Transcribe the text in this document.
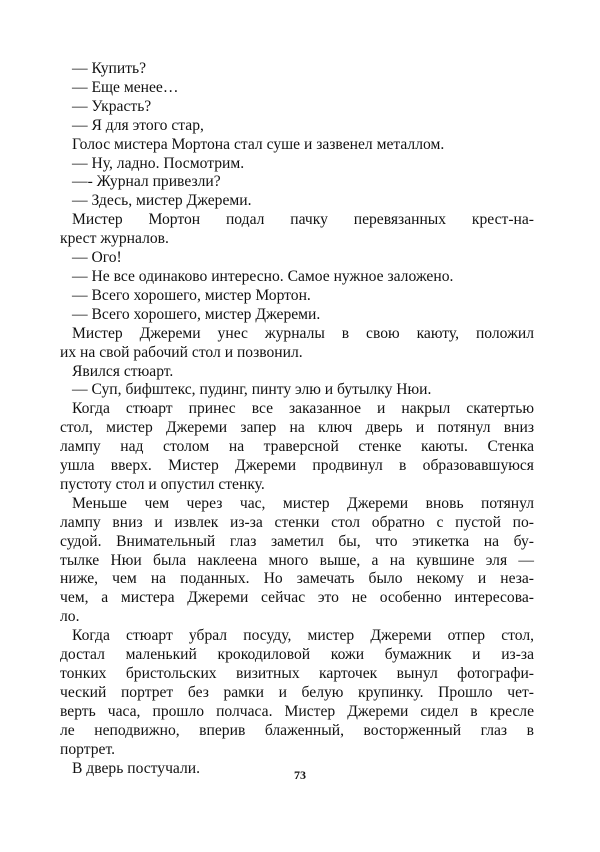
— Купить?

— Еще менее…

— Украсть?

— Я для этого стар,

Голос мистера Мортона стал суше и зазвенел металлом.

— Ну, ладно. Посмотрим.

—- Журнал привезли?

— Здесь, мистер Джереми.

Мистер Мортон подал пачку перевязанных крест-на-
крест журналов.

— Ого!

— Не все одинаково интересно. Самое нужное заложено.

— Всего хорошего, мистер Мортон.

— Всего хорошего, мистер Джереми.

Мистер Джереми унес журналы в свою каюту, положил
их на свой рабочий стол и позвонил.

Явился стюарт.

— Суп, бифштекс, пудинг, пинту элю и бутылку Нюи.

Когда стюарт принес все заказанное и накрыл скатертью
стол, мистер Джереми запер на ключ дверь и потянул вниз
лампу над столом на траверсной стенке каюты. Стенка
ушла вверх. Мистер Джереми продвинул в образовавшуюся
пустоту стол и опустил стенку.

Меньше чем через час, мистер Джереми вновь потянул
лампу вниз и извлек из-за стенки стол обратно с пустой по-
судой. Внимательный глаз заметил бы, что этикетка на бу-
тылке Нюи была наклеена много выше, а на кувшине эля —
ниже, чем на поданных. Но замечать было некому и неза-
чем, а мистера Джереми сейчас это не особенно интересова-
ло.

Когда стюарт убрал посуду, мистер Джереми отпер стол,
достал маленький крокодиловой кожи бумажник и из-за
тонких бристольских визитных карточек вынул фотографи-
ческий портрет без рамки и белую крупинку. Прошло чет-
верть часа, прошло полчаса. Мистер Джереми сидел в кресле
ле неподвижно, вперив блаженный, восторженный глаз в
портрет.

В дверь постучали.	73
